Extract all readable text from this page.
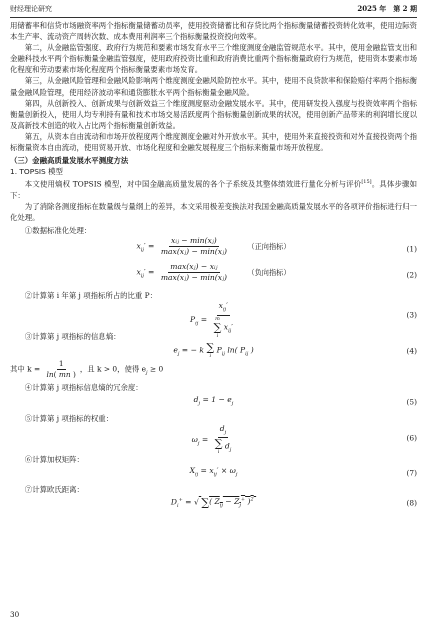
财经理论研究	2025 年　第 2 期

用储蓄率和信贷市场融资率两个指标衡量储蓄动员率，使用投资储蓄比和存贷比两个指标衡量储蓄投资转化效率，使用边际资本生产率、流动资产周转次数、成本费用利润率三个指标衡量投资投向效率。

第二，从金融监管强度、政府行为规范和要素市场发育水平三个维度测度金融监管规范水平。其中，使用金融监管支出和金融科技水平两个指标衡量金融监管强度，使用政府投资比重和政府消费比重两个指标衡量政府行为规范，使用资本要素市场化程度和劳动要素市场化程度两个指标衡量要素市场发育。

第三，从金融风险管理和金融风险影响两个维度测度金融风险防控水平。其中，使用不良贷款率和保险赔付率两个指标衡量金融风险管理，使用经济波动率和通货膨胀水平两个指标衡量金融风险。

第四，从创新投入、创新成果与创新效益三个维度测度驱动金融发展水平。其中，使用研发投入强度与投资效率两个指标衡量创新投入，使用人均专利持有量和技术市场交易活跃度两个指标衡量创新成果的状况，使用创新产品带来的利润增长度以及高新技术创造的收入占比两个指标衡量创新效益。

第五，从资本自由流动和市场开放程度两个维度测度金融对外开放水平。其中，使用外来直接投资和对外直接投资两个指标衡量资本自由流动，使用贸易开放、市场化程度和金融发展程度三个指标来衡量市场开放程度。

（三）金融高质量发展水平测度方法

1. TOPSIS 模型

本文使用熵权 TOPSIS 模型，对中国金融高质量发展的各个子系统及其整体绩效进行量化分析与评价[15]。具体步骤如下：

为了消除各测度指标在数量级与量纲上的差异，本文采用极差变换法对我国金融高质量发展水平的各项评价指标进行归一化处理。

①数据标准化处理：

$x_{ij}' = \frac{\text{xᵢⱼ − min(xⱼ)}}{\text{max(xⱼ) − min(xⱼ)}}$	（正向指标）	(1)
$x_{ij}' = \frac{\text{max(xⱼ) − xᵢⱼ}}{\text{max(xⱼ) − min(xⱼ)}}$	（负向指标）	(2)

②计算第 i 年第 j 项指标所占的比重 P：

$P_{ij} = x_{ij}'$
m
∑
i
$x_{ij}'$	(3)

③计算第 j 项指标的信息熵：

$e_j$ = − k ∑
i
$P_{ij}$ ln( $P_{ij}$ )	(4)
其中 $k = \frac{1}{\ln( mn )}$ ，且 k > 0，使得 $e_j \ge 0$

④计算第 j 项指标信息熵的冗余度：

$d_j = 1 - e_j$	(5)

⑤计算第 j 项指标的权重：

$\omega_j = d_j$
∑
i
$d_j$	(6)

⑥计算加权矩阵：

$X_{ij} = x_{ij}' \times \omega_j$	(7)

⑦计算欧氏距离：

$D_i^+$ = √ ∑ ( $Z_{ij} - Z_j^+$ )$^2$	(8)
30
